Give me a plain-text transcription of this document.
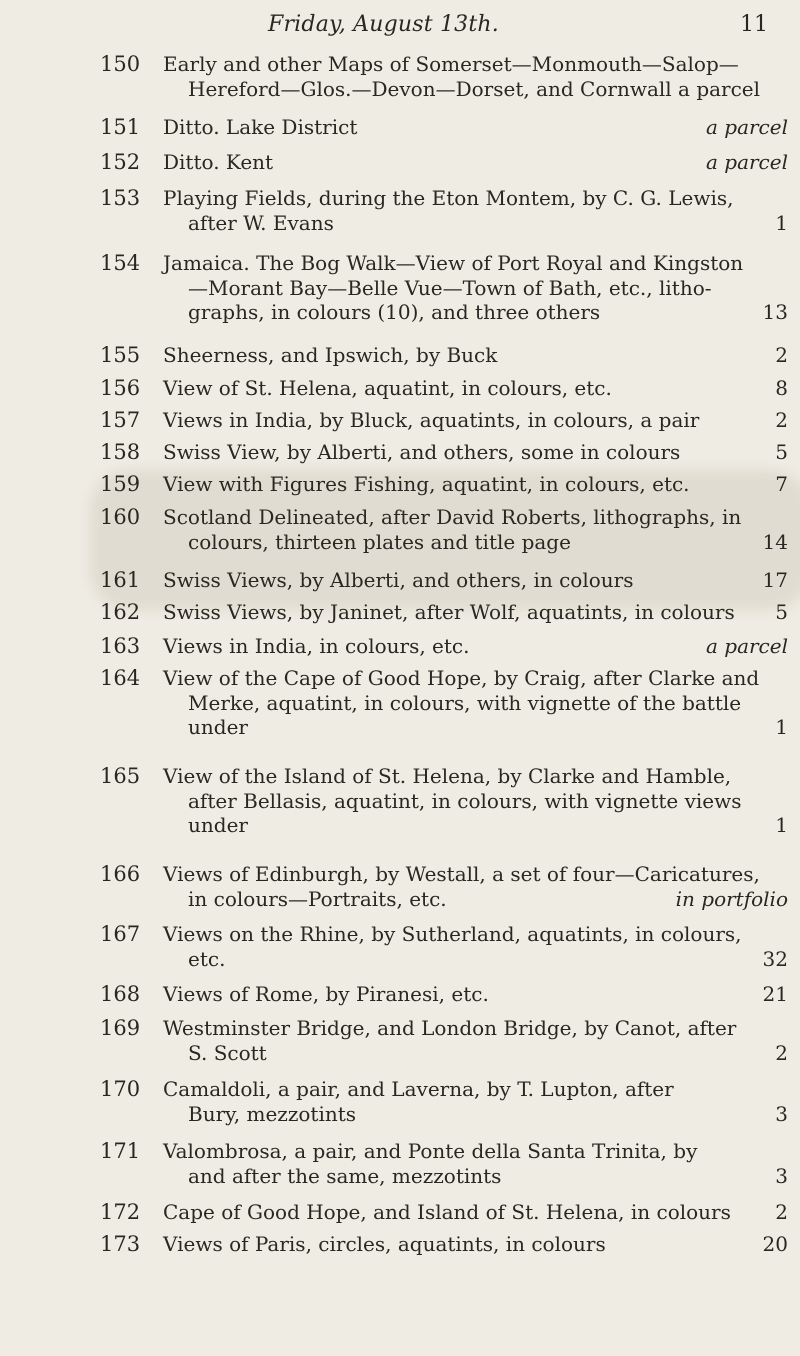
Friday, August 13th.	11
150 Early and other Maps of Somerset—Monmouth—Salop—
Hereford—Glos.—Devon—Dorset, and Cornwall a parcel
151 Ditto. Lake District	a parcel
152 Ditto. Kent	a parcel
153 Playing Fields, during the Eton Montem, by C. G. Lewis,
after W. Evans	1
154 Jamaica. The Bog Walk—View of Port Royal and Kingston
—Morant Bay—Belle Vue—Town of Bath, etc., litho-
graphs, in colours (10), and three others	13
155 Sheerness, and Ipswich, by Buck	2
156 View of St. Helena, aquatint, in colours, etc.	8
157 Views in India, by Bluck, aquatints, in colours, a pair	2
158 Swiss View, by Alberti, and others, some in colours	5
159 View with Figures Fishing, aquatint, in colours, etc.	7
160 Scotland Delineated, after David Roberts, lithographs, in
colours, thirteen plates and title page	14
161 Swiss Views, by Alberti, and others, in colours	17
162 Swiss Views, by Janinet, after Wolf, aquatints, in colours	5
163 Views in India, in colours, etc.	a parcel
164 View of the Cape of Good Hope, by Craig, after Clarke and
Merke, aquatint, in colours, with vignette of the battle
under	1
165 View of the Island of St. Helena, by Clarke and Hamble,
after Bellasis, aquatint, in colours, with vignette views
under	1
166 Views of Edinburgh, by Westall, a set of four—Caricatures,
in colours—Portraits, etc.	in portfolio
167 Views on the Rhine, by Sutherland, aquatints, in colours,
etc.	32
168 Views of Rome, by Piranesi, etc.	21
169 Westminster Bridge, and London Bridge, by Canot, after
S. Scott	2
170 Camaldoli, a pair, and Laverna, by T. Lupton, after
Bury, mezzotints	3
171 Valombrosa, a pair, and Ponte della Santa Trinita, by
and after the same, mezzotints	3
172 Cape of Good Hope, and Island of St. Helena, in colours	2
173 Views of Paris, circles, aquatints, in colours	20
